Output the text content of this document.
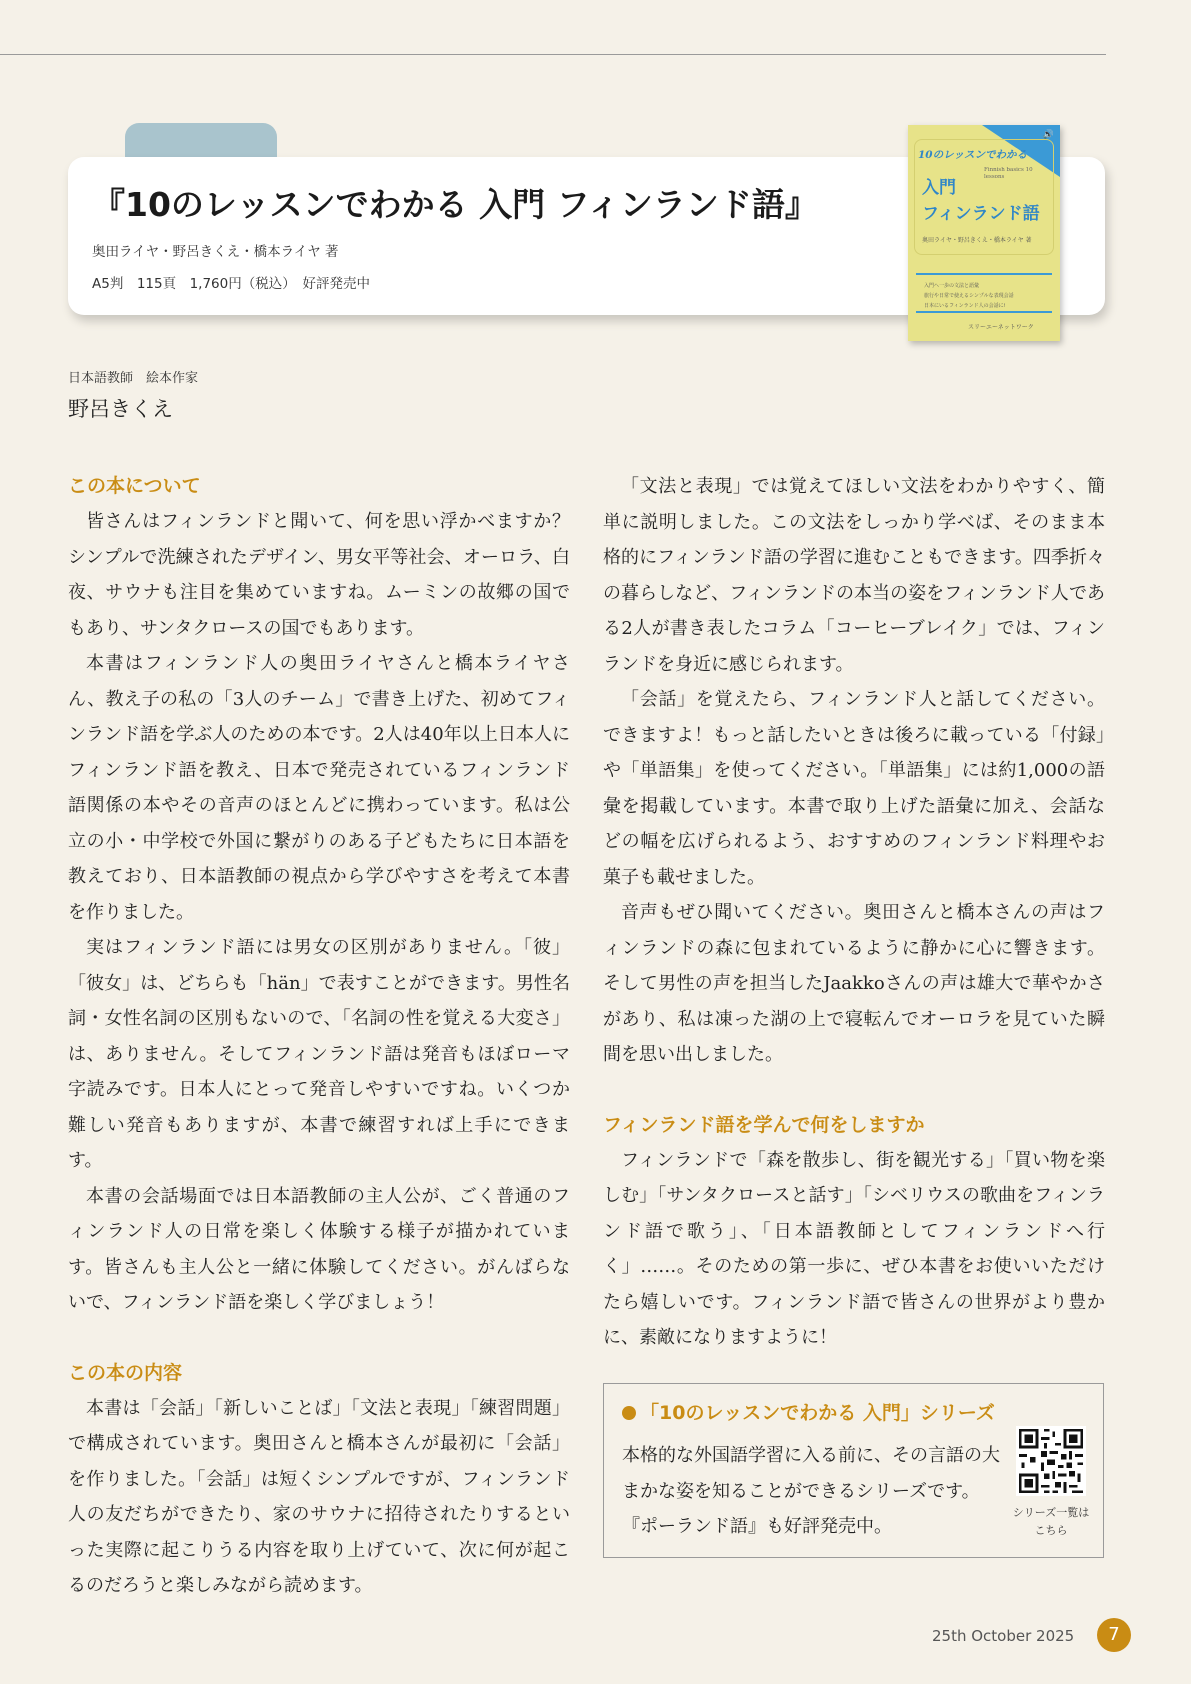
『10のレッスンでわかる 入門 フィンランド語』
奥田ライヤ・野呂きくえ・橋本ライヤ 著
A5判　115頁　1,760円（税込）　好評発売中
🔊
10のレッスンでわかる
Finnish basics 10 lessons
入門
フィンランド語
奥田ライヤ・野呂きくえ・橋本ライヤ 著
入門へ一歩の文法と語彙
旅行や日常で使えるシンプルな表現会話
日本にいるフィンランド人の会話に!
スリーエーネットワーク
日本語教師　絵本作家
野呂きくえ
この本について

皆さんはフィンランドと聞いて、何を思い浮かべますか？シンプルで洗練されたデザイン、男女平等社会、オーロラ、白夜、サウナも注目を集めていますね。ムーミンの故郷の国でもあり、サンタクロースの国でもあります。

本書はフィンランド人の奥田ライヤさんと橋本ライヤさん、教え子の私の「3人のチーム」で書き上げた、初めてフィンランド語を学ぶ人のための本です。2人は40年以上日本人にフィンランド語を教え、日本で発売されているフィンランド語関係の本やその音声のほとんどに携わっています。私は公立の小・中学校で外国に繋がりのある子どもたちに日本語を教えており、日本語教師の視点から学びやすさを考えて本書を作りました。

実はフィンランド語には男女の区別がありません。「彼」「彼女」は、どちらも「hän」で表すことができます。男性名詞・女性名詞の区別もないので、「名詞の性を覚える大変さ」は、ありません。そしてフィンランド語は発音もほぼローマ字読みです。日本人にとって発音しやすいですね。いくつか難しい発音もありますが、本書で練習すれば上手にできます。

本書の会話場面では日本語教師の主人公が、ごく普通のフィンランド人の日常を楽しく体験する様子が描かれています。皆さんも主人公と一緒に体験してください。がんばらないで、フィンランド語を楽しく学びましょう！

この本の内容

本書は「会話」「新しいことば」「文法と表現」「練習問題」で構成されています。奥田さんと橋本さんが最初に「会話」を作りました。「会話」は短くシンプルですが、フィンランド人の友だちができたり、家のサウナに招待されたりするといった実際に起こりうる内容を取り上げていて、次に何が起こるのだろうと楽しみながら読めます。

「文法と表現」では覚えてほしい文法をわかりやすく、簡単に説明しました。この文法をしっかり学べば、そのまま本格的にフィンランド語の学習に進むこともできます。四季折々の暮らしなど、フィンランドの本当の姿をフィンランド人である2人が書き表したコラム「コーヒーブレイク」では、フィンランドを身近に感じられます。

「会話」を覚えたら、フィンランド人と話してください。できますよ！もっと話したいときは後ろに載っている「付録」や「単語集」を使ってください。「単語集」には約1,000の語彙を掲載しています。本書で取り上げた語彙に加え、会話などの幅を広げられるよう、おすすめのフィンランド料理やお菓子も載せました。

音声もぜひ聞いてください。奥田さんと橋本さんの声はフィンランドの森に包まれているように静かに心に響きます。そして男性の声を担当したJaakkoさんの声は雄大で華やかさがあり、私は凍った湖の上で寝転んでオーロラを見ていた瞬間を思い出しました。

フィンランド語を学んで何をしますか

フィンランドで「森を散歩し、街を観光する」「買い物を楽しむ」「サンタクロースと話す」「シベリウスの歌曲をフィンランド語で歌う」、「日本語教師としてフィンランドへ行く」……。そのための第一歩に、ぜひ本書をお使いいただけたら嬉しいです。フィンランド語で皆さんの世界がより豊かに、素敵になりますように！

「10のレッスンでわかる 入門」シリーズ
本格的な外国語学習に入る前に、その言語の大まかな姿を知ることができるシリーズです。『ポーランド語』も好評発売中。
シリーズ一覧は
こちら
25th October 2025	7
